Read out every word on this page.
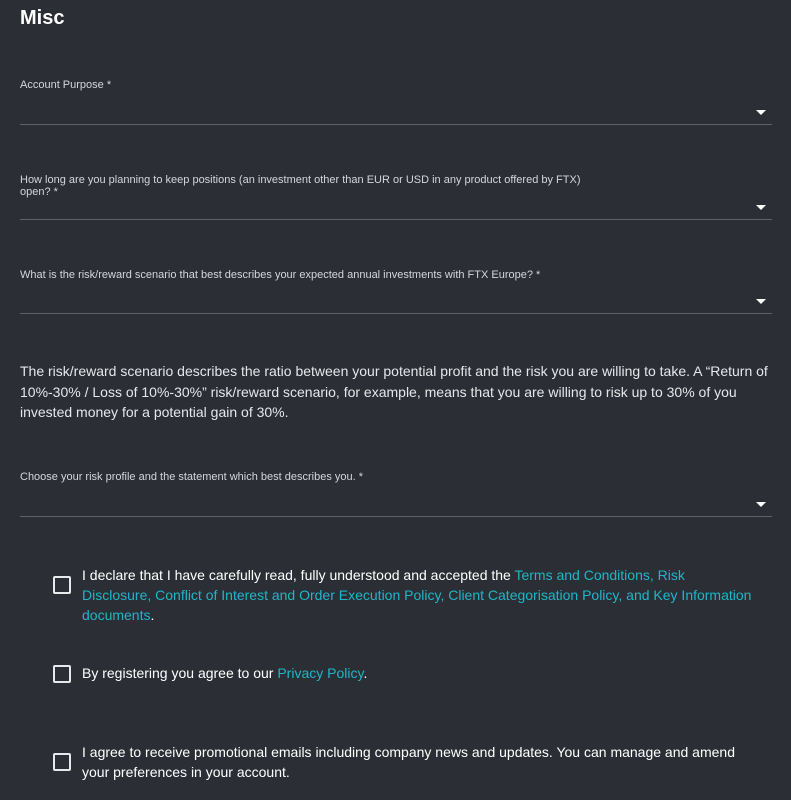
Misc
Account Purpose *
How long are you planning to keep positions (an investment other than EUR or USD in any product offered by FTX) open? *
What is the risk/reward scenario that best describes your expected annual investments with FTX Europe? *

The risk/reward scenario describes the ratio between your potential profit and the risk you are willing to take. A “Return of 10%-30% / Loss of 10%-30%” risk/reward scenario, for example, means that you are willing to risk up to 30% of you invested money for a potential gain of 30%.

Choose your risk profile and the statement which best describes you. *
I declare that I have carefully read, fully understood and accepted the Terms and Conditions, Risk Disclosure, Conflict of Interest and Order Execution Policy, Client Categorisation Policy, and Key Information documents.
By registering you agree to our Privacy Policy.
I agree to receive promotional emails including company news and updates. You can manage and amend your preferences in your account.
